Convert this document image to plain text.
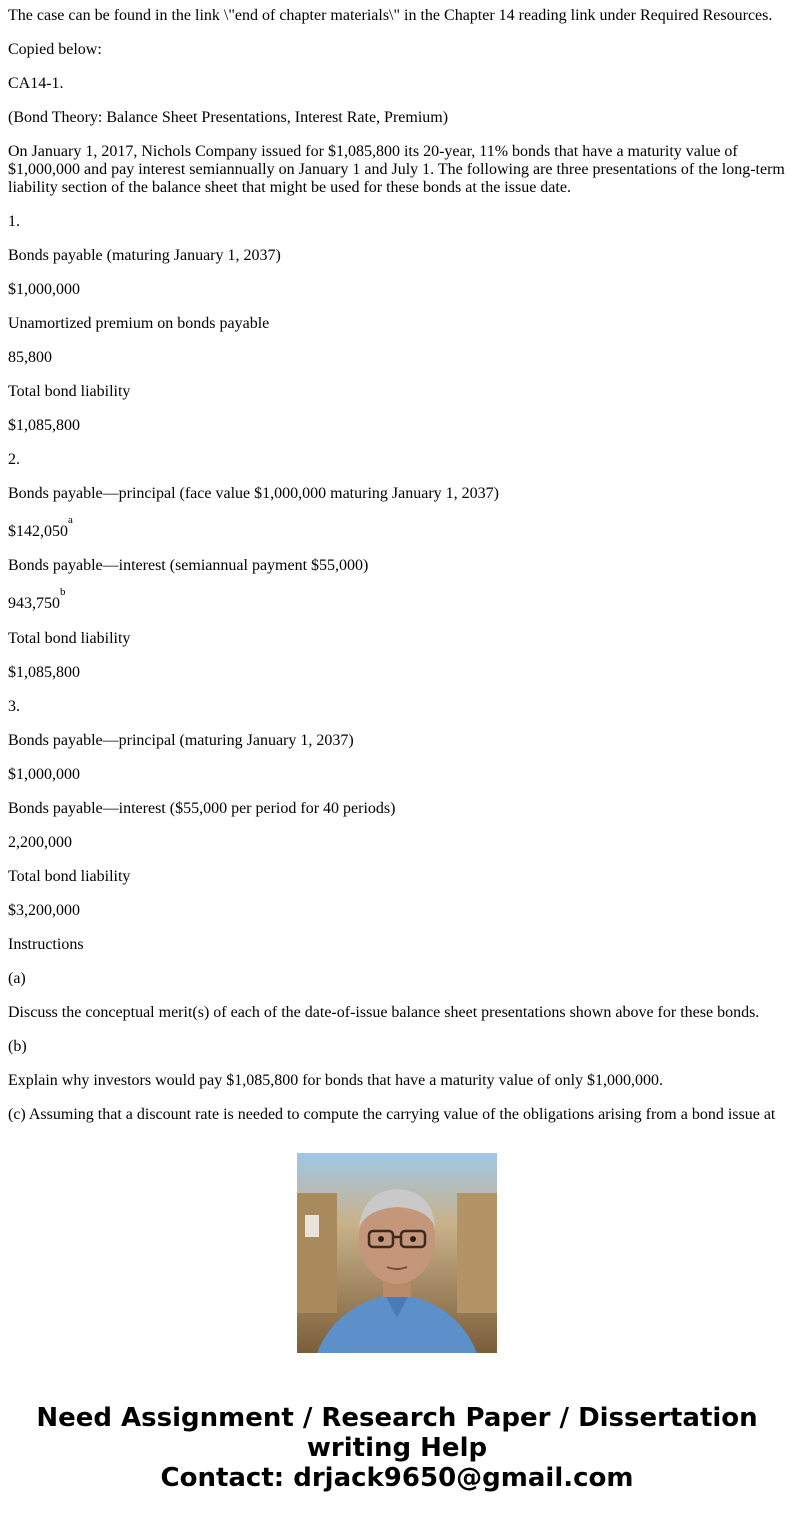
The case can be found in the link \"end of chapter materials\" in the Chapter 14 reading link under Required Resources.

Copied below:

CA14-1.

(Bond Theory: Balance Sheet Presentations, Interest Rate, Premium)

On January 1, 2017, Nichols Company issued for $1,085,800 its 20-year, 11% bonds that have a maturity value of $1,000,000 and pay interest semiannually on January 1 and July 1. The following are three presentations of the long-term liability section of the balance sheet that might be used for these bonds at the issue date.

1.

Bonds payable (maturing January 1, 2037)

$1,000,000

Unamortized premium on bonds payable

85,800

Total bond liability

$1,085,800

2.

Bonds payable—principal (face value $1,000,000 maturing January 1, 2037)

$142,050$^a$

Bonds payable—interest (semiannual payment $55,000)

943,750$^b$

Total bond liability

$1,085,800

3.

Bonds payable—principal (maturing January 1, 2037)

$1,000,000

Bonds payable—interest ($55,000 per period for 40 periods)

2,200,000

Total bond liability

$3,200,000

Instructions

(a)

Discuss the conceptual merit(s) of each of the date-of-issue balance sheet presentations shown above for these bonds.

(b)

Explain why investors would pay $1,085,800 for bonds that have a maturity value of only $1,000,000.

(c) Assuming that a discount rate is needed to compute the carrying value of the obligations arising from a bond issue at

Need Assignment / Research Paper / Dissertation
writing Help
Contact: drjack9650@gmail.com
